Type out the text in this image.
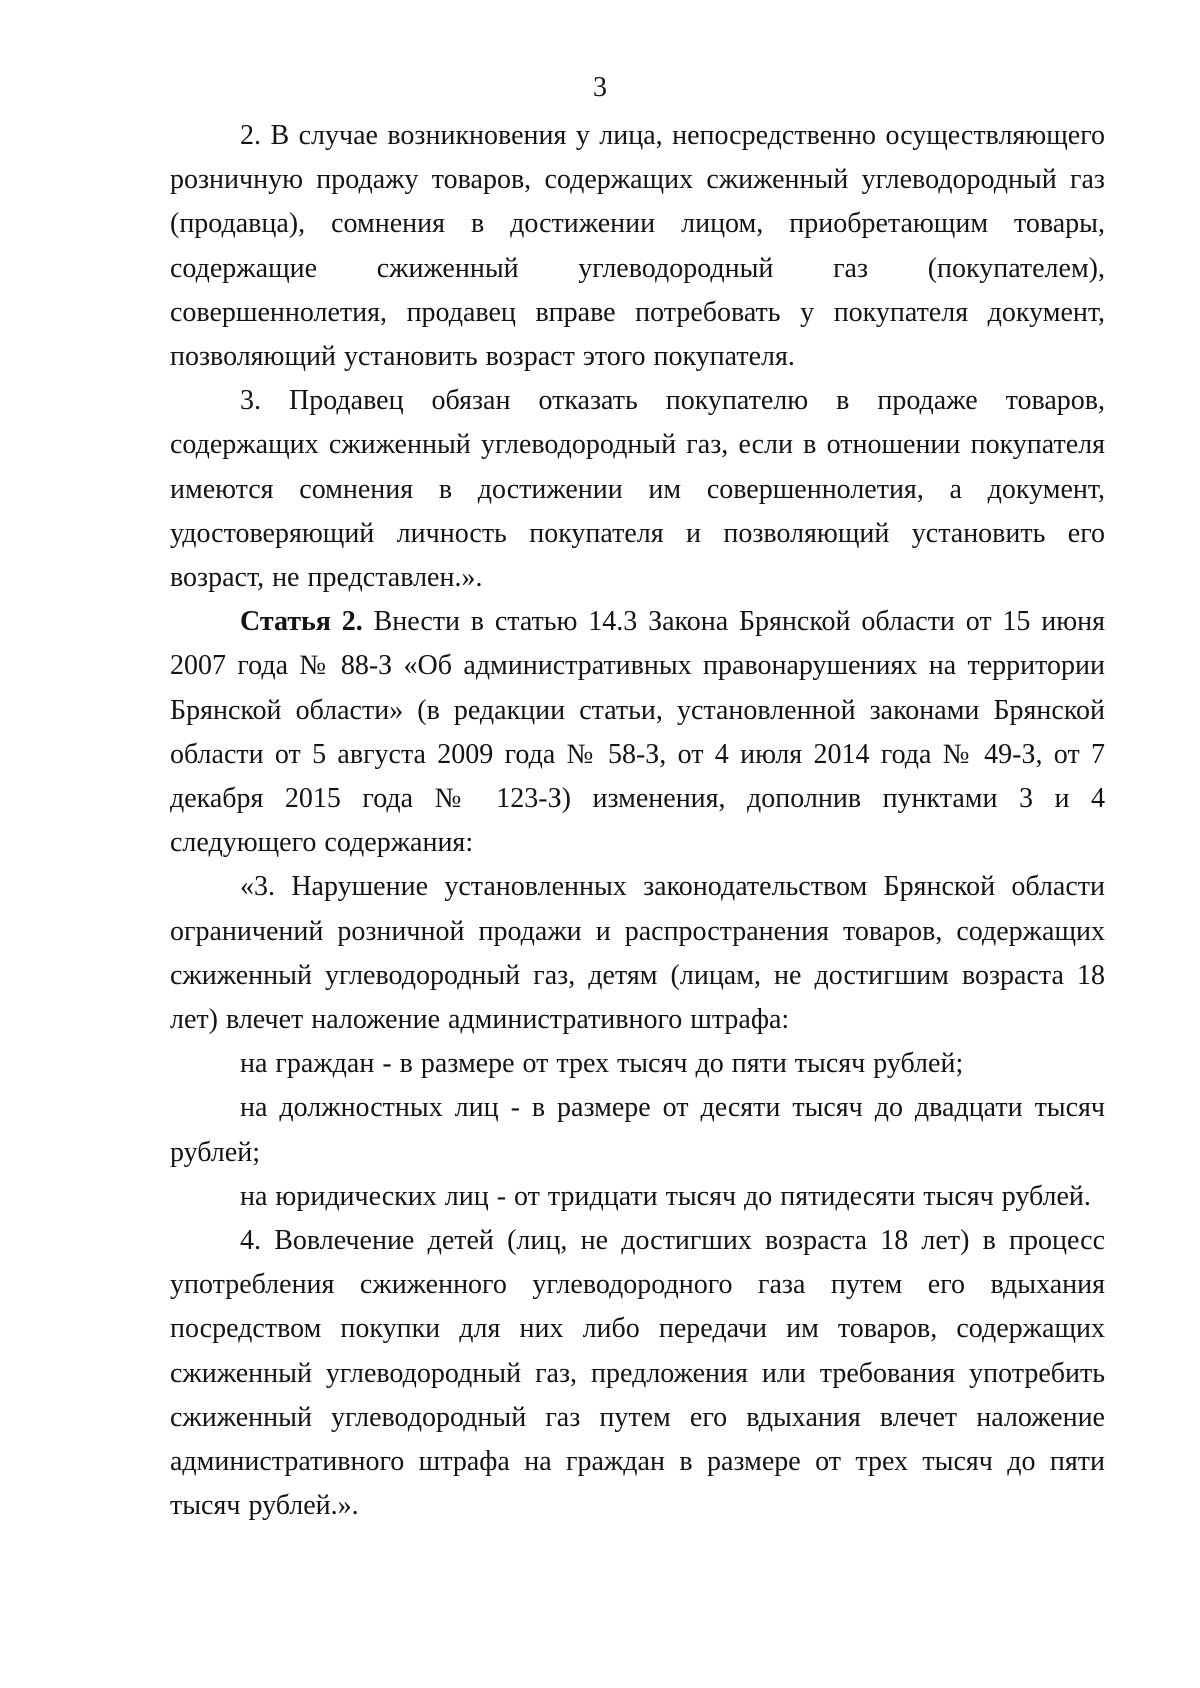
3

2. В случае возникновения у лица, непосредственно осуществляющего розничную продажу товаров, содержащих сжиженный углеводородный газ (продавца), сомнения в достижении лицом, приобретающим товары, содержащие сжиженный углеводородный газ (покупателем), совершеннолетия, продавец вправе потребовать у покупателя документ, позволяющий установить возраст этого покупателя.

3. Продавец обязан отказать покупателю в продаже товаров, содержащих сжиженный углеводородный газ, если в отношении покупателя имеются сомнения в достижении им совершеннолетия, а документ, удостоверяющий личность покупателя и позволяющий установить его возраст, не представлен.».

Статья 2. Внести в статью 14.3 Закона Брянской области от 15 июня 2007 года № 88-З «Об административных правонарушениях на территории Брянской области» (в редакции статьи, установленной законами Брянской области от 5 августа 2009 года № 58-З, от 4 июля 2014 года № 49-З, от 7 декабря 2015 года № 123-З) изменения, дополнив пунктами 3 и 4 следующего содержания:

«3. Нарушение установленных законодательством Брянской области ограничений розничной продажи и распространения товаров, содержащих сжиженный углеводородный газ, детям (лицам, не достигшим возраста 18 лет) влечет наложение административного штрафа:

на граждан - в размере от трех тысяч до пяти тысяч рублей;

на должностных лиц - в размере от десяти тысяч до двадцати тысяч рублей;

на юридических лиц - от тридцати тысяч до пятидесяти тысяч рублей.

4. Вовлечение детей (лиц, не достигших возраста 18 лет) в процесс употребления сжиженного углеводородного газа путем его вдыхания посредством покупки для них либо передачи им товаров, содержащих сжиженный углеводородный газ, предложения или требования употребить сжиженный углеводородный газ путем его вдыхания влечет наложение административного штрафа на граждан в размере от трех тысяч до пяти тысяч рублей.».
